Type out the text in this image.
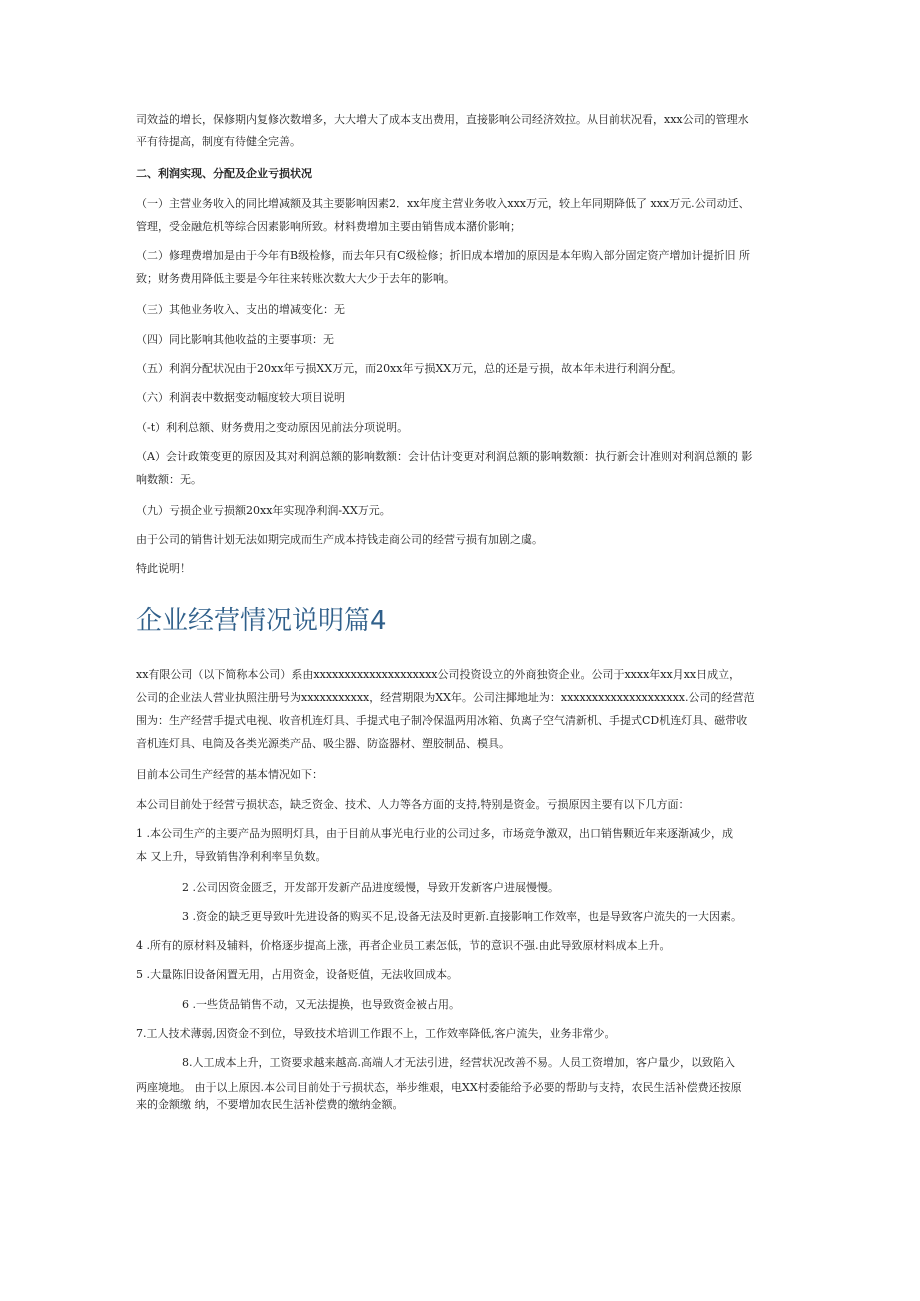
司效益的增长，保修期内复修次数增多，大大增大了成本支出费用，直接影响公司经济效拉。从目前状况看，xxx公司的管理水
平有待提高，制度有待健全完善。
二、利润实现、分配及企业亏损状况
（一）主营业务收入的同比增减额及其主要影响因素2．xx年度主营业务收入xxx万元，较上年同期降低了 xxx万元.公司动迁、
管理，受金融危机等综合因素影响所致。材料费增加主要由销售成本潴价影响；
（二）修理费增加是由于今年有B级检修，而去年只有C级检修；折旧成本增加的原因是本年购入部分固定资产增加计提折旧 所
致；财务费用降低主要是今年往来转账次数大大少于去年的影响。
（三）其他业务收入、支出的增减变化：无
（四）同比影响其他收益的主要事项：无
（五）利润分配状况由于20xx年亏损XX万元，而20xx年亏损XX万元，总的还是亏损，故本年未进行利润分配。
（六）利润表中数据变动幅度较大项目说明
（-t）利利总额、财务费用之变动原因见前法分项说明。
（A）会计政策变更的原因及其对利润总额的影响数额：会计估计变更对利润总额的影响数额：执行新会计准则对利润总额的 影
响数额：无。
（九）亏损企业亏损额20xx年实现净利润-XX万元。
由于公司的销售计划无法如期完成而生产成本持钱走商公司的经营亏损有加剧之虞。
特此说明！
企业经营情况说明篇4
xx有限公司（以下简称本公司）系由xxxxxxxxxxxxxxxxxxxx公司投资设立的外商独资企业。公司于xxxx年xx月xx日成立，
公司的企业法人营业执照注册号为xxxxxxxxxxx，经营期限为XX年。公司注揶地址为：xxxxxxxxxxxxxxxxxxxx.公司的经营范
围为：生产经营手提式电视、收音机连灯具、手提式电子制冷保温两用冰箱、负离子空气清新机、手提式CD机连灯具、磁带收
音机连灯具、电筒及各类光源类产品、吸尘器、防盗器材、塑胶制品、模具。
目前本公司生产经营的基本情况如下：
本公司目前处于经营亏损状态，缺乏资金、技术、人力等各方面的支持,特别是资金。亏损原因主要有以下几方面：
1 .本公司生产的主要产品为照明灯具，由于目前从事光电行业的公司过多，市场竞争激双，出口销售颗近年来逐渐减少，成
本 又上升，导致销售净利利率呈负数。
2 .公司因资金匮乏，开发部开发新产品进度缓慢，导致开发新客户进展慢慢。
3 .资金的缺乏更导致叶先进设备的购买不足,设备无法及时更新.直接影响工作效率，也是导致客户流失的一大因素。
4 .所有的原材料及辅料，价格逐步提高上涨，再者企业员工素怎低，节的意识不强.由此导致原材料成本上升。
5 .大量陈旧设备闲置无用，占用资金，设备贬值，无法收回成本。
6 .一些货品销售不动，又无法提换，也导致资金被占用。
7.工人技术薄弱,因资金不到位，导致技术培训工作跟不上，工作效率降低,客户流失，业务非常少。
8.人工成本上升，工资要求越来越高.高端人才无法引进，经营状况改善不易。人员工资增加，客户量少，以致陷入
两座境地。 由于以上原因.本公司目前处于亏损状态，举步维艰，电XX村委能给予必要的帮助与支持，农民生活补偿费还按原
来的金额缴 纳，不要增加农民生活补偿费的缴纳金额。
